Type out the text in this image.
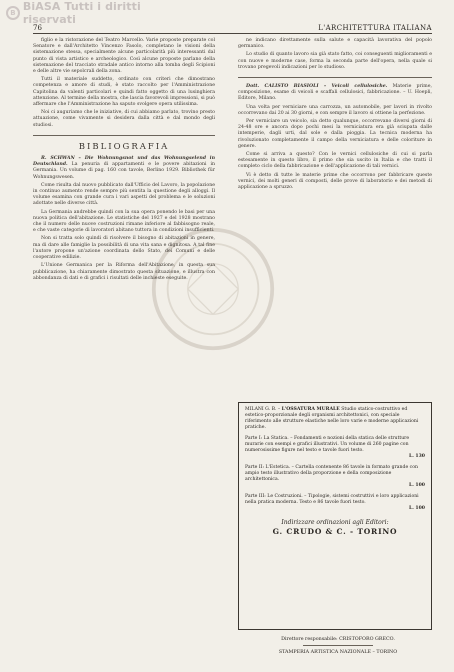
B BiASA Tutti i diritti riservati
76	L'ARCHITETTURA ITALIANA

figlio e la ristorazione del Teatro Marcello. Varie proposte preparate col Senatore e dall'Architetto Vincenzo Fasolo, completano le visioni della sistemazione stessa, specialmente alcune particolarità più interessanti dal punto di vista artistico e archeologico. Così alcune proposte parlano della sistemazione del tracciato stradale antico intorno alla tomba degli Scipioni e delle altre vie sepolcrali della zona.

Tutti il materiale suddetto, ordinato con criteri che dimostrano competenza e amore di studi, è stato raccolto per l'Amministrazione Capitolina da valenti particolari e quindi fatto oggetto di una lusinghiera attenzione. Al termine della mostra, che lascia favorevoli impressioni, si può affermare che l'Amministrazione ha saputo svolgere opera utilissima.

Noi ci auguriamo che le iniziative, di cui abbiamo parlato, trovino presto attuazione, come vivamente si desidera dalla città e dal mondo degli studiosi.

BIBLIOGRAFIA

R. SCHWAN – Die Wohnungsnot und das Wohnungselend in Deutschland. La penuria di appartamenti e le povere abitazioni in Germania. Un volume di pag. 160 con tavole, Berlino 1929. Bibliothek für Wohnungswesen.

Come risulta dal nuovo pubblicato dall'Ufficio del Lavoro, la popolazione in continuo aumento rende sempre più sentita la questione degli alloggi. Il volume esamina con grande cura i vari aspetti del problema e le soluzioni adottate nelle diverse città.

La Germania andrebbe quindi con la sua opera ponendo le basi per una nuova politica dell'abitazione. Le statistiche del 1927 e del 1928 mostrano che il numero delle nuove costruzioni rimane inferiore al fabbisogno reale, e che vaste categorie di lavoratori abitano tuttora in condizioni insufficienti.

Non si tratta solo quindi di risolvere il bisogno di abitazioni in genere, ma di dare alle famiglie la possibilità di una vita sana e dignitosa. A tal fine l'autore propone un'azione coordinata dello Stato, dei Comuni e delle cooperative edilizie.

L'Unione Germanica per la Riforma dell'Abitazione, in questa sua pubblicazione, ha chiaramente dimostrato questa situazione, e illustra con abbondanza di dati e di grafici i risultati delle inchieste eseguite.

ne indicano direttamente sulla salute e capacità lavorativa del popolo germanico.

Lo studio di quanto lavoro sia già stato fatto, coi conseguenti miglioramenti e con nuove e moderne case, forma la seconda parte dell'opera, nella quale si trovano pregevoli indicazioni per lo studioso.

Dott. CALISTO BIASIOLI – Veicoli cellulosiche. Materie prime, composizione, esame di veicoli e scaffali cellulosici, fabbricazione. – U. Hoepli, Editore, Milano.

Una volta per verniciare una carrozza, un automobile, per lavori in rivolto occorrevano dai 20 ai 30 giorni, e con sempre il lavoro si ottiene la perfezione.

Per verniciare un veicolo, sia detto qualunque, occorrevano diversi giorni di 24-48 ore e ancora dopo pochi mesi la verniciatura era già sciupata dalle intemperie, dagli urti, dal sole e dalla pioggia. La tecnica moderna ha rivoluzionato completamente il campo della verniciatura e delle coloriture in genere.

Come si arriva a questo? Con le vernici cellulosiche di cui si parla estesamente in questo libro, il primo che sia uscito in Italia e che tratti il completo ciclo della fabbricazione e dell'applicazione di tali vernici.

Vi è detto di tutte le materie prime che occorrono per fabbricare queste vernici, dei molti generi di composti, delle prove di laboratorio e dei metodi di applicazione a spruzzo.

MILANI G. B. – L'OSSATURA MURALE Studio statico-costruttivo ed estetico-proporzionale degli organismi architettonici, con speciale riferimento alle strutture elastiche nelle loro varie e moderne applicazioni pratiche.
Parte I: La Statica. – Fondamenti e nozioni della statica delle strutture murarie con esempi e grafici illustrativi. Un volume di 260 pagine con numerosissime figure nel testo e tavole fuori testo.
L. 130
Parte II: L'Estetica. – Cartella contenente 86 tavole in formato grande con ampio testo illustrativo della proporzione e della composizione architettonica.
L. 100
Parte III: Le Costruzioni. – Tipologie, sistemi costruttivi e loro applicazioni nella pratica moderna. Testo e 86 tavole fuori testo.
L. 100
Indirizzare ordinazioni agli Editori:
G. CRUDO & C. - TORINO
Direttore responsabile: CRISTOFORO GRECO.
STAMPERIA ARTISTICA NAZIONALE – TORINO
